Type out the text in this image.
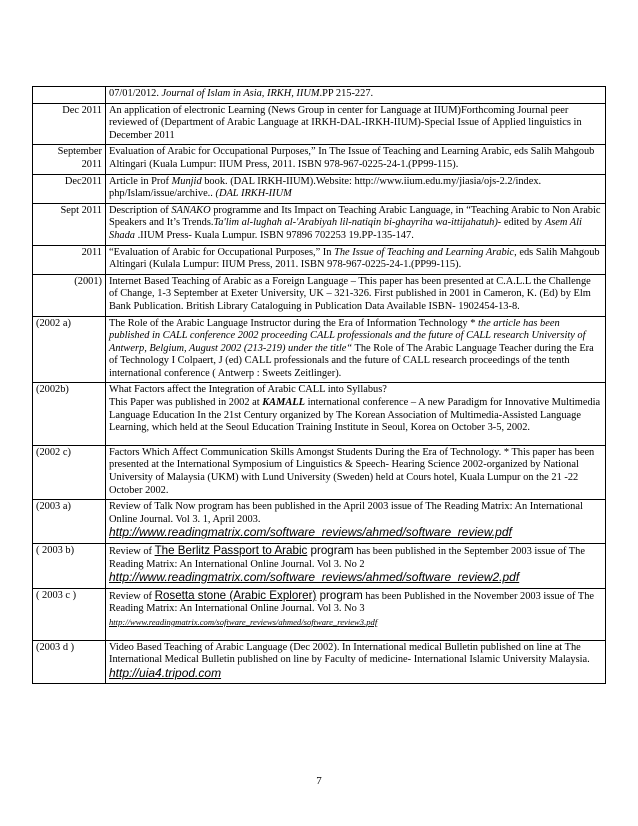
	07/01/2012. Journal of Islam in Asia, IRKH, IIUM.PP 215-227.
Dec 2011	An application of electronic Learning (News Group in center for Language at IIUM)Forthcoming Journal peer reviewed of (Department of Arabic Language at IRKH-DAL-IRKH-IIUM)-Special Issue of Applied linguistics in December 2011
September 2011	Evaluation of Arabic for Occupational Purposes,” In The Issue of Teaching and Learning Arabic, eds Salih Mahgoub Altingari (Kuala Lumpur: IIUM Press, 2011. ISBN 978-967-0225-24-1.(PP99-115).
Dec2011	Article in Prof Munjid book. (DAL IRKH-IIUM).Website: http://www.iium.edu.my/jiasia/ojs-2.2/index. php/Islam/issue/archive.. (DAL IRKH-IIUM
Sept 2011	Description of SANAKO programme and Its Impact on Teaching Arabic Language, in “Teaching Arabic to Non Arabic Speakers and It’s Trends.Ta'lim al-lughah al-'Arabiyah lil-natiqin bi-ghayriha wa-ittijahatuh)- edited by Asem Ali Shada .IIUM Press- Kuala Lumpur. ISBN 97896 702253 19.PP-135-147.
2011	“Evaluation of Arabic for Occupational Purposes,” In The Issue of Teaching and Learning Arabic, eds Salih Mahgoub Altingari (Kulala Lumpur: IIUM Press, 2011. ISBN 978-967-0225-24-1.(PP99-115).
(2001)	Internet Based Teaching of Arabic as a Foreign Language – This paper has been presented at C.A.L.L the Challenge of Change, 1-3 September at Exeter University, UK – 321-326. First published in 2001 in Cameron, K. (Ed) by Elm Bank Publication. British Library Cataloguing in Publication Data Available ISBN- 1902454-13-8.
(2002 a)	The Role of the Arabic Language Instructor during the Era of Information Technology * the article has been published in CALL conference 2002 proceeding CALL professionals and the future of CALL research University of Antwerp, Belgium, August 2002 (213-219) under the title“ The Role of The Arabic Language Teacher during the Era of Technology I Colpaert, J (ed) CALL professionals and the future of CALL research proceedings of the tenth international conference ( Antwerp : Sweets Zeitlinger).
(2002b)	What Factors affect the Integration of Arabic CALL into Syllabus?
This Paper was published in 2002 at KAMALL international conference – A new Paradigm for Innovative Multimedia Language Education In the 21st Century organized by The Korean Association of Multimedia-Assisted Language Learning, which held at the Seoul Education Training Institute in Seoul, Korea on October 3-5, 2002.

(2002 c)	Factors Which Affect Communication Skills Amongst Students During the Era of Technology. * This paper has been presented at the International Symposium of Linguistics & Speech- Hearing Science 2002-organized by National University of Malaysia (UKM) with Lund University (Sweden) held at Cours hotel, Kuala Lumpur on the 21 -22 October 2002.
(2003 a)	Review of Talk Now program has been published in the April 2003 issue of The Reading Matrix: An International Online Journal. Vol 3. 1, April 2003.
http://www.readingmatrix.com/software_reviews/ahmed/software_review.pdf
( 2003 b)	Review of The Berlitz Passport to Arabic program has been published in the September 2003 issue of The Reading Matrix: An International Online Journal. Vol 3. No 2
http://www.readingmatrix.com/software_reviews/ahmed/software_review2.pdf
( 2003 c )	Review of Rosetta stone (Arabic Explorer) program has been Published in the November 2003 issue of The Reading Matrix: An International Online Journal. Vol 3. No 3
http://www.readingmatrix.com/software_reviews/ahmed/software_review3.pdf

(2003 d )	Video Based Teaching of Arabic Language (Dec 2002). In International medical Bulletin published on line at The International Medical Bulletin published on line by Faculty of medicine- International Islamic University Malaysia. http://uia4.tripod.com
7
